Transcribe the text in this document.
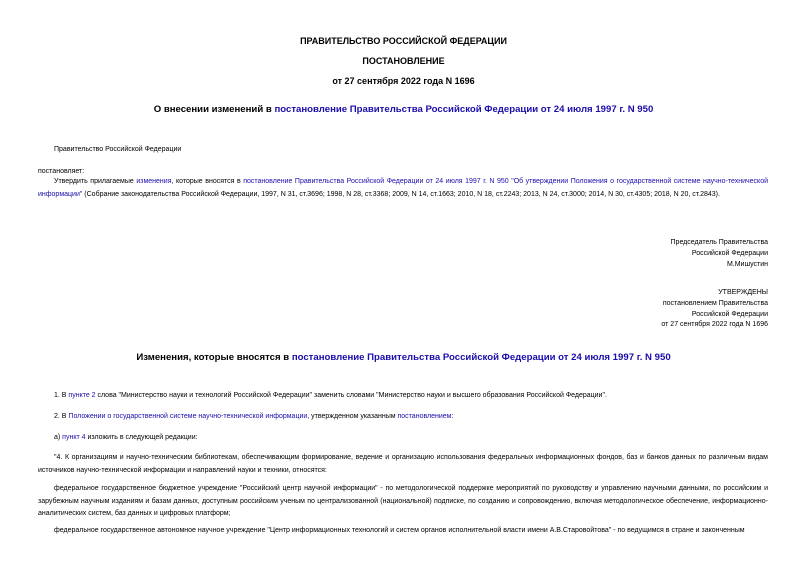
ПРАВИТЕЛЬСТВО РОССИЙСКОЙ ФЕДЕРАЦИИ
ПОСТАНОВЛЕНИЕ
от 27 сентября 2022 года N 1696
О внесении изменений в постановление Правительства Российской Федерации от 24 июля 1997 г. N 950
Правительство Российской Федерации
постановляет:
Утвердить прилагаемые изменения, которые вносятся в постановление Правительства Российской Федерации от 24 июля 1997 г. N 950 "Об утверждении Положения о государственной системе научно-технической информации" (Собрание законодательства Российской Федерации, 1997, N 31, ст.3696; 1998, N 28, ст.3368; 2009, N 14, ст.1663; 2010, N 18, ст.2243; 2013, N 24, ст.3000; 2014, N 30, ст.4305; 2018, N 20, ст.2843).
Председатель Правительства
Российской Федерации
М.Мишустин
УТВЕРЖДЕНЫ
постановлением Правительства
Российской Федерации
от 27 сентября 2022 года N 1696
Изменения, которые вносятся в постановление Правительства Российской Федерации от 24 июля 1997 г. N 950
1. В пункте 2 слова "Министерство науки и технологий Российской Федерации" заменить словами "Министерство науки и высшего образования Российской Федерации".
2. В Положении о государственной системе научно-технической информации, утвержденном указанным постановлением:
а) пункт 4 изложить в следующей редакции:
"4. К организациям и научно-техническим библиотекам, обеспечивающим формирование, ведение и организацию использования федеральных информационных фондов, баз и банков данных по различным видам источников научно-технической информации и направлений науки и техники, относятся:
федеральное государственное бюджетное учреждение "Российский центр научной информации" - по методологической поддержке мероприятий по руководству и управлению научными данными, по российским и зарубежным научным изданиям и базам данных, доступным российским ученым по централизованной (национальной) подписке, по созданию и сопровождению, включая методологическое обеспечение, информационно-аналитических систем, баз данных и цифровых платформ;
федеральное государственное автономное научное учреждение "Центр информационных технологий и систем органов исполнительной власти имени А.В.Старовойтова" - по ведущимся в стране и законченным
